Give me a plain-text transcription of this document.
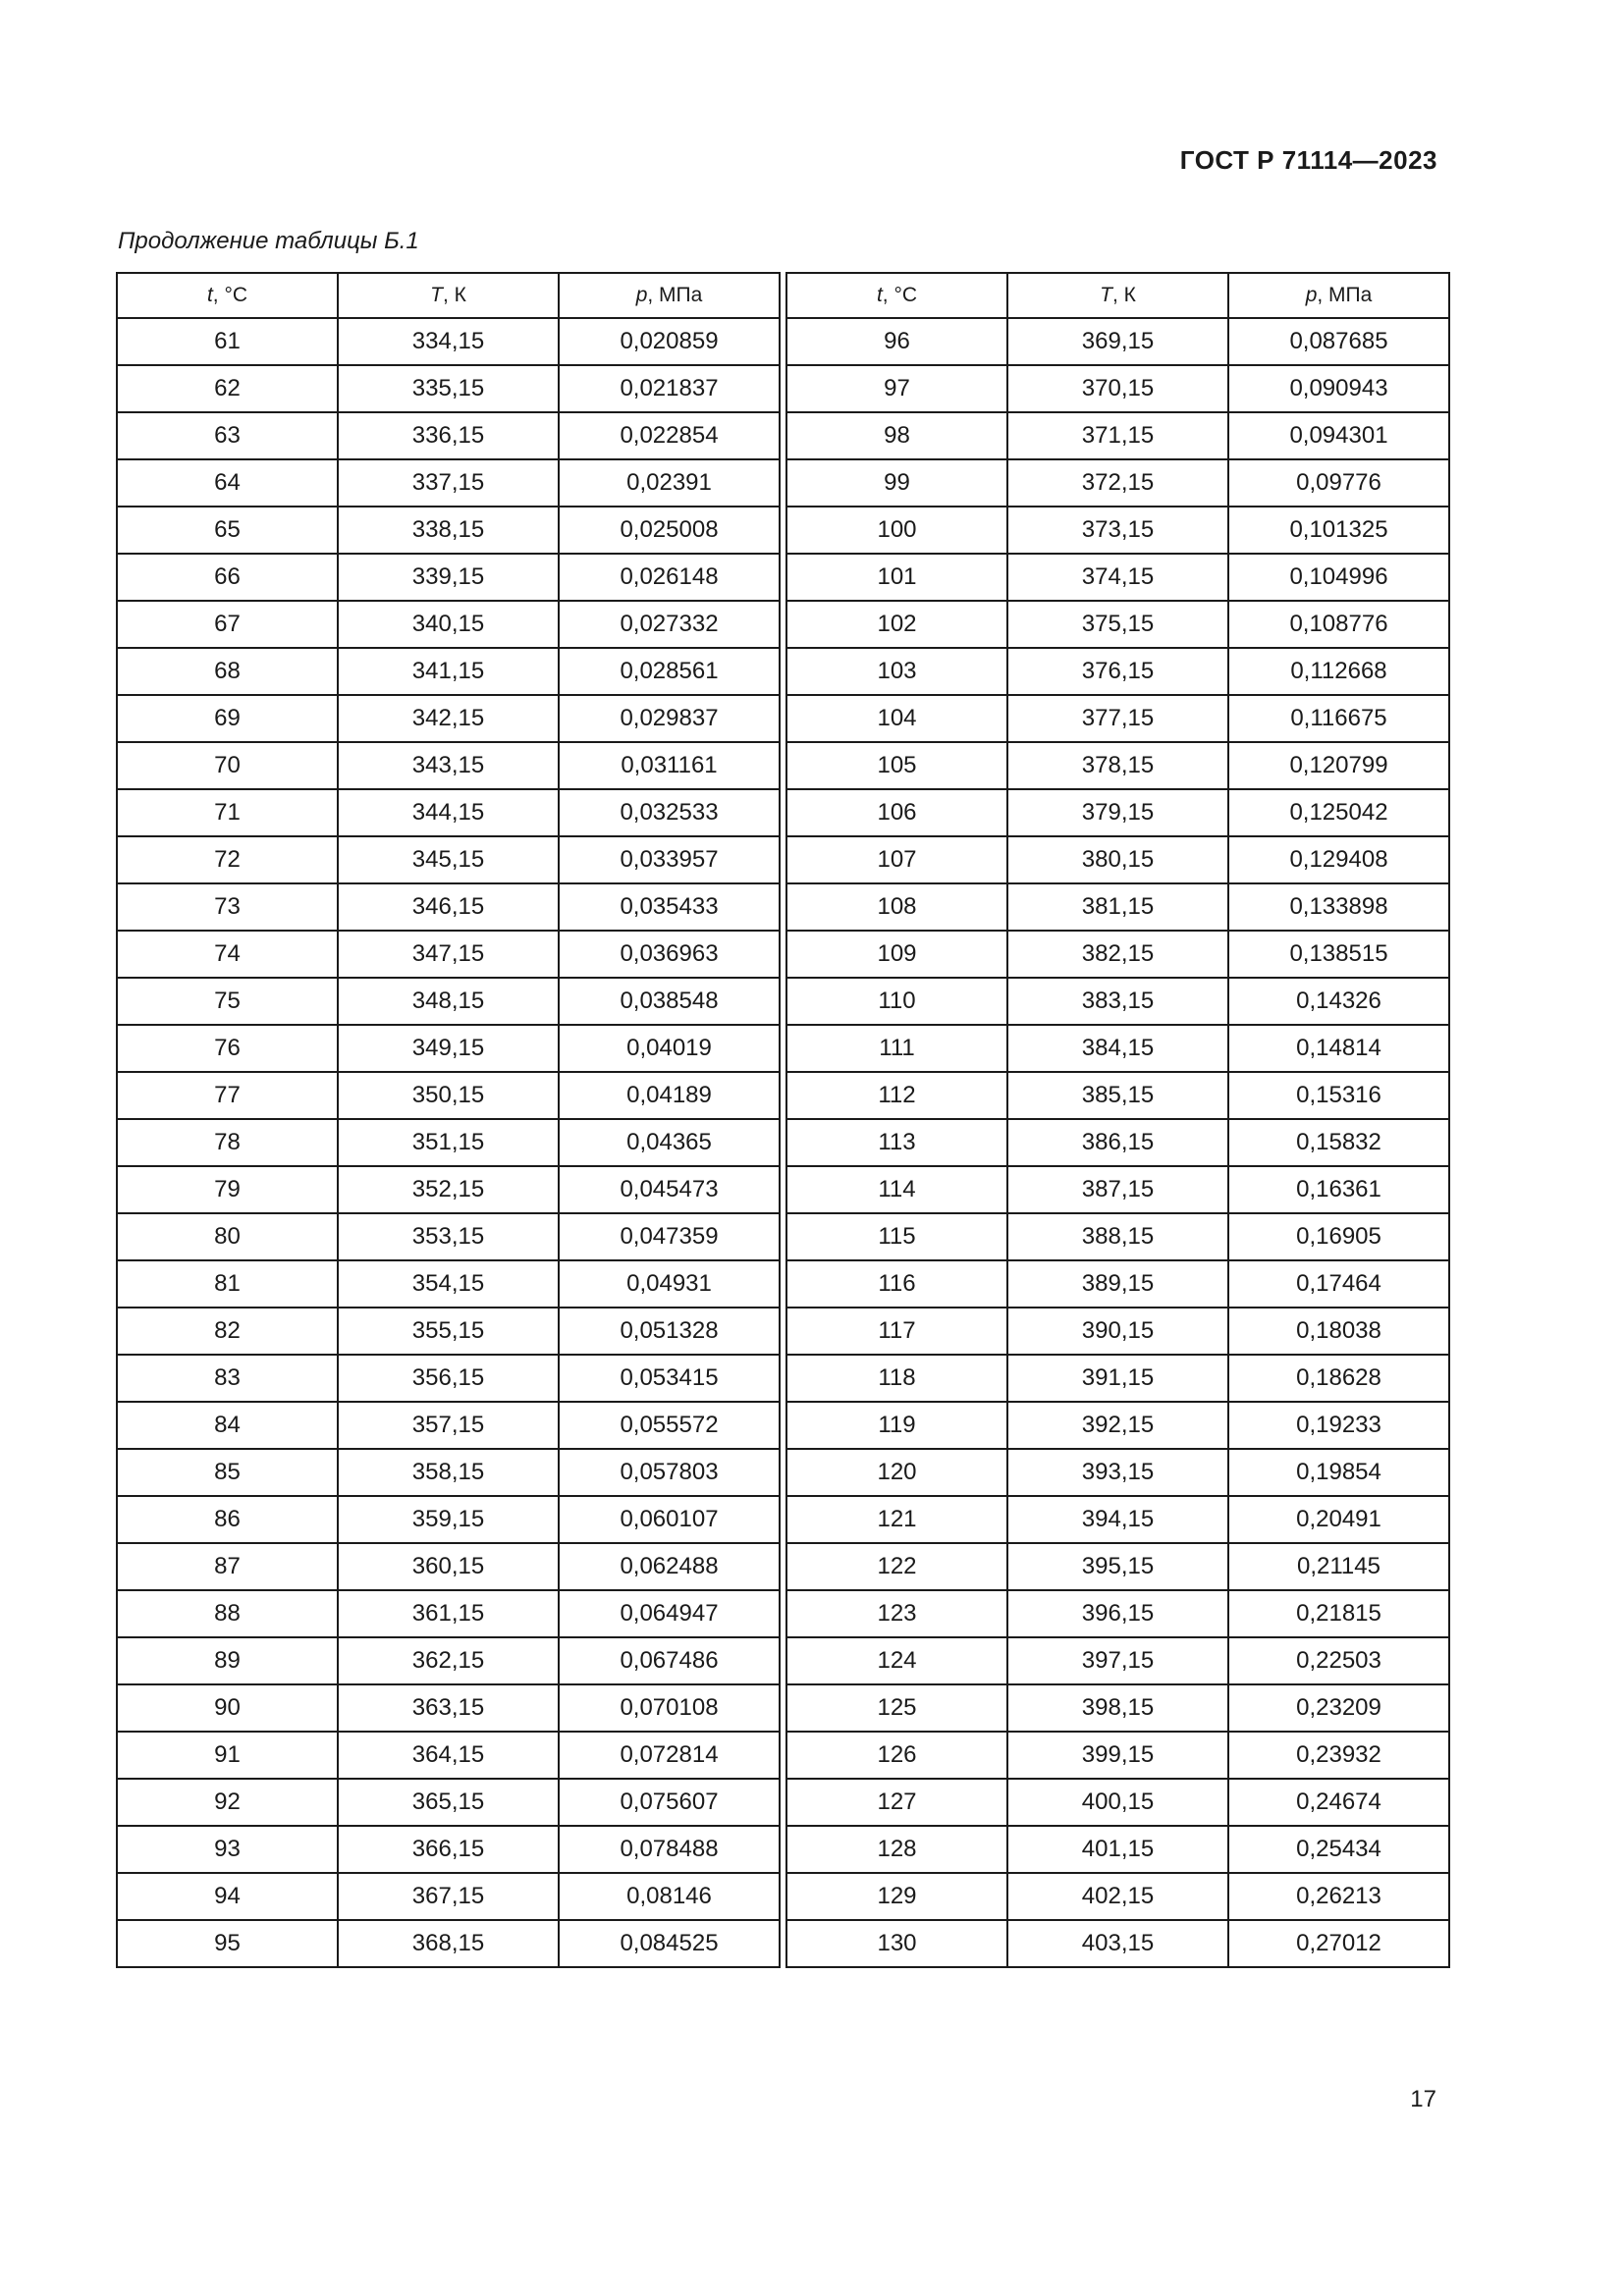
ГОСТ Р 71114—2023
Продолжение таблицы Б.1
t, °C	T, К	p, МПа
61	334,15	0,020859
62	335,15	0,021837
63	336,15	0,022854
64	337,15	0,02391
65	338,15	0,025008
66	339,15	0,026148
67	340,15	0,027332
68	341,15	0,028561
69	342,15	0,029837
70	343,15	0,031161
71	344,15	0,032533
72	345,15	0,033957
73	346,15	0,035433
74	347,15	0,036963
75	348,15	0,038548
76	349,15	0,04019
77	350,15	0,04189
78	351,15	0,04365
79	352,15	0,045473
80	353,15	0,047359
81	354,15	0,04931
82	355,15	0,051328
83	356,15	0,053415
84	357,15	0,055572
85	358,15	0,057803
86	359,15	0,060107
87	360,15	0,062488
88	361,15	0,064947
89	362,15	0,067486
90	363,15	0,070108
91	364,15	0,072814
92	365,15	0,075607
93	366,15	0,078488
94	367,15	0,08146
95	368,15	0,084525
t, °C	T, К	p, МПа
96	369,15	0,087685
97	370,15	0,090943
98	371,15	0,094301
99	372,15	0,09776
100	373,15	0,101325
101	374,15	0,104996
102	375,15	0,108776
103	376,15	0,112668
104	377,15	0,116675
105	378,15	0,120799
106	379,15	0,125042
107	380,15	0,129408
108	381,15	0,133898
109	382,15	0,138515
110	383,15	0,14326
111	384,15	0,14814
112	385,15	0,15316
113	386,15	0,15832
114	387,15	0,16361
115	388,15	0,16905
116	389,15	0,17464
117	390,15	0,18038
118	391,15	0,18628
119	392,15	0,19233
120	393,15	0,19854
121	394,15	0,20491
122	395,15	0,21145
123	396,15	0,21815
124	397,15	0,22503
125	398,15	0,23209
126	399,15	0,23932
127	400,15	0,24674
128	401,15	0,25434
129	402,15	0,26213
130	403,15	0,27012
17
